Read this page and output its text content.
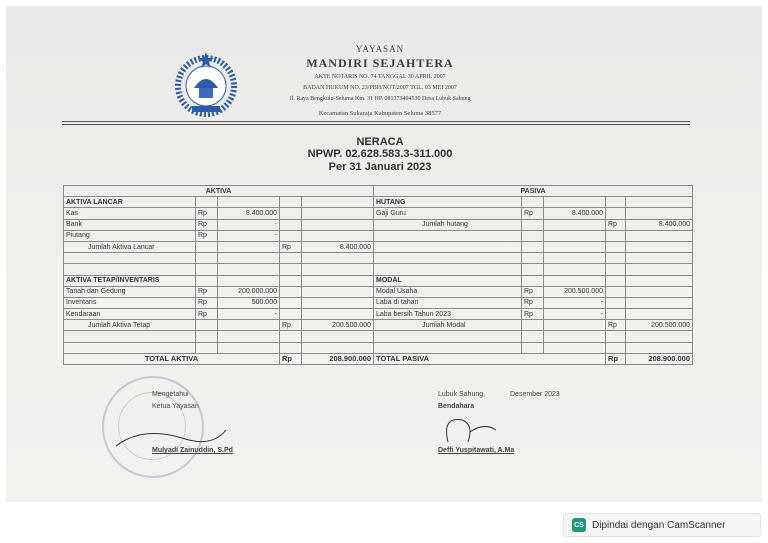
YAYASAN
MANDIRI SEJAHTERA
AKTE NOTARIS NO. 74 TANGGAL 30 APRIL 2007
BADAN HUKUM NO. 23/PBH/NOT/2007 TGL. 03 MEI 2007
Jl. Raya Bengkulu-Seluma Km. 31 HP. 081373494530 Desa Lubuk Sahung
Kecamatan Sukaraja Kabupaten Seluma 38577
NERACA
NPWP. 02.628.583.3-311.000
Per 31 Januari 2023
AKTIVA					PASIVA				
AKTIVA LANCAR					HUTANG				
Kas	Rp	8.400.000			Gaji Guru	Rp	8.400.000		
Bank	Rp	-			Jumlah hutang			Rp	8.400.000
Piutang	Rp	-							
Jumlah Aktiva Lancar			Rp	8.400.000					

AKTIVA TETAP/INVENTARIS					MODAL				
Tanah dan Gedung	Rp	200.000.000			Modal Usaha	Rp	200.500.000		
Inventaris	Rp	500.000			Laba di tahan	Rp	-		
Kendaraan	Rp	-			Laba bersih Tahun 2023	Rp	-		
Jumlah Aktiva Tetap			Rp	200.500.000	Jumlah Modal			Rp	200.500.000

TOTAL AKTIVA			Rp	208.900.000	TOTAL PASIVA			Rp	208.900.000
Mengetahui
Ketua Yayasan
Mulyadi Zainuddin, S.Pd
Lubuk Sahung,	Desember 2023
Bendahara
Deffi Yuspitawati, A.Ma
CS Dipindai dengan CamScanner
